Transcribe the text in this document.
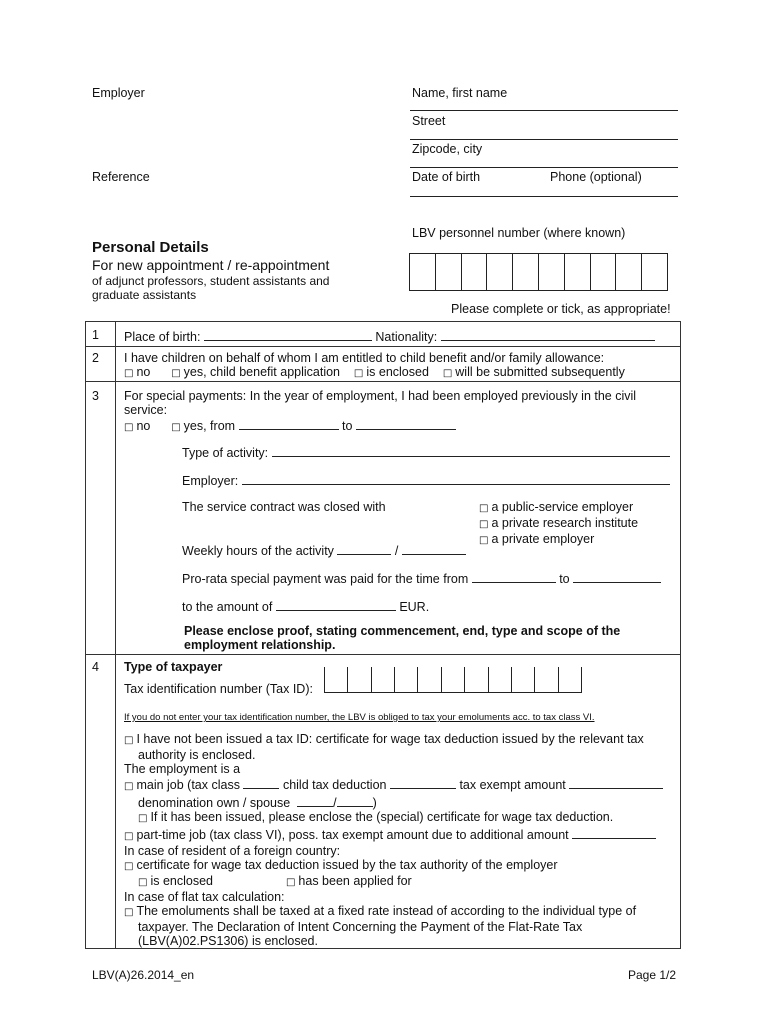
Employer
Reference
Name, first name
Street
Zipcode, city
Date of birth	Phone (optional)
LBV personnel number (where known)
Personal Details
For new appointment / re-appointment
of adjunct professors, student assistants and
graduate assistants
Please complete or tick, as appropriate!
1 Place of birth:	Nationality:
2 I have children on behalf of whom I am entitled to child benefit and/or family allowance:
□ no □ yes, child benefit application □ is enclosed □ will be submitted subsequently
3 For special payments: In the year of employment, I had been employed previously in the civil
service:
□ no □ yes, from	to
Type of activity:
Employer:
The service contract was closed with	□ a public-service employer
□ a private research institute
□ a private employer
Weekly hours of the activity	/
Pro-rata special payment was paid for the time from	to
to the amount of	EUR.
Please enclose proof, stating commencement, end, type and scope of the
employment relationship.
4 Type of taxpayer
Tax identification number (Tax ID):
If you do not enter your tax identification number, the LBV is obliged to tax your emoluments acc. to tax class VI.
□ I have not been issued a tax ID: certificate for wage tax deduction issued by the relevant tax
authority is enclosed.
The employment is a
□ main job (tax class	child tax deduction	tax exempt amount
denomination own / spouse	/	)
□ If it has been issued, please enclose the (special) certificate for wage tax deduction.
□ part-time job (tax class VI), poss. tax exempt amount due to additional amount
In case of resident of a foreign country:
□ certificate for wage tax deduction issued by the tax authority of the employer
□ is enclosed	□ has been applied for
In case of flat tax calculation:
□ The emoluments shall be taxed at a fixed rate instead of according to the individual type of
taxpayer. The Declaration of Intent Concerning the Payment of the Flat-Rate Tax
(LBV(A)02.PS1306) is enclosed.
LBV(A)26.2014_en	Page 1/2
